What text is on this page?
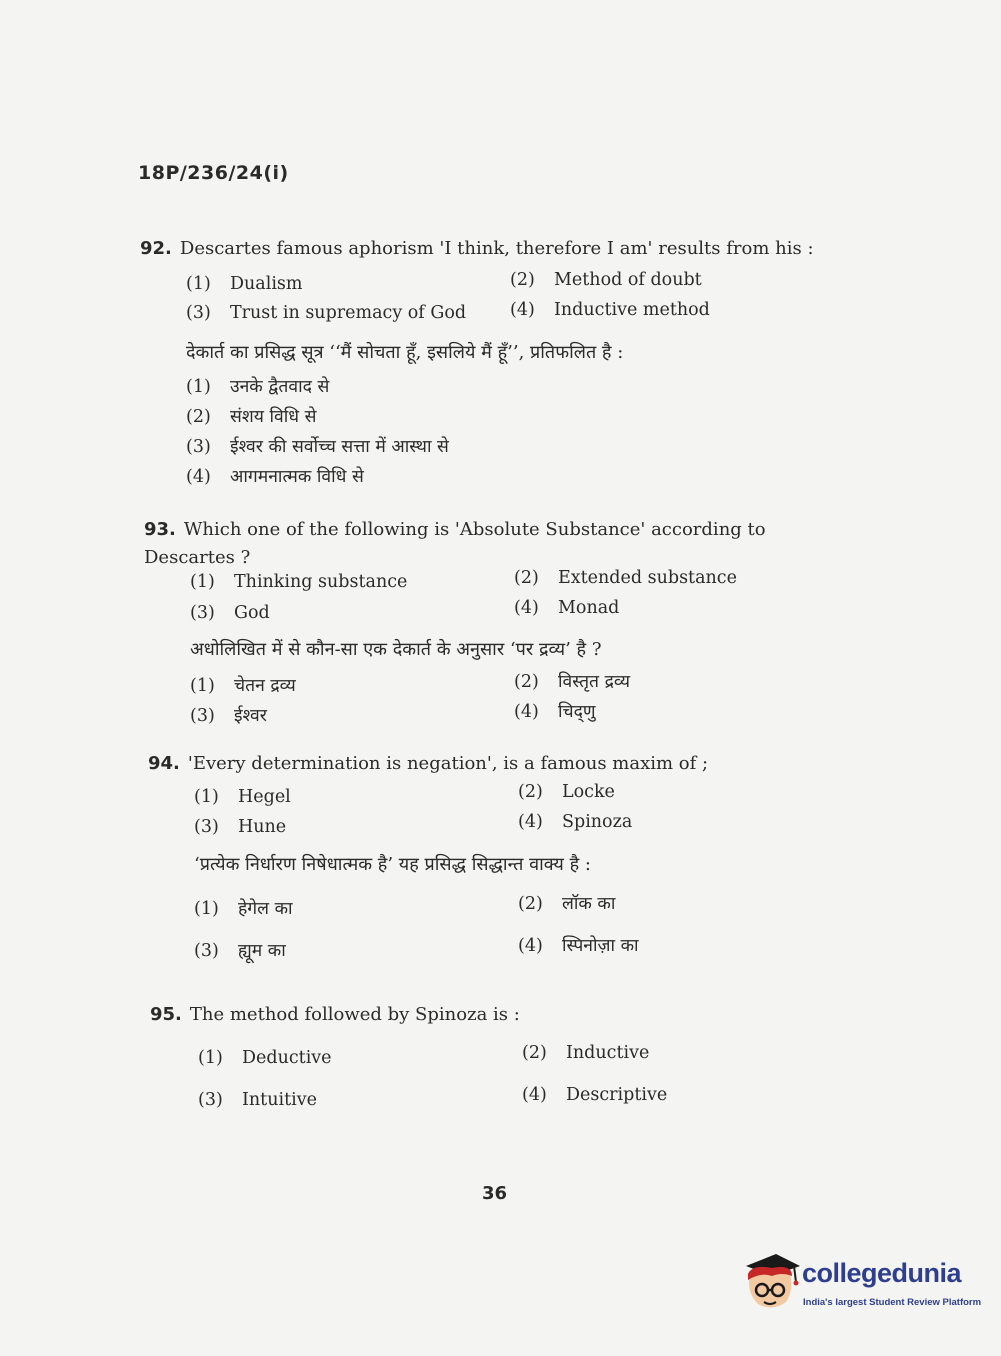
18P/236/24(i)
92. Descartes famous aphorism 'I think, therefore I am' results from his :
(1) Dualism	(2) Method of doubt
(3) Trust in supremacy of God	(4) Inductive method
देकार्त का प्रसिद्ध सूत्र ‘‘मैं सोचता हूँ, इसलिये मैं हूँ’’, प्रतिफलित है :
(1) उनके द्वैतवाद से
(2) संशय विधि से
(3) ईश्वर की सर्वोच्च सत्ता में आस्था से
(4) आगमनात्मक विधि से
93. Which one of the following is 'Absolute Substance' according to Descartes ?
(1) Thinking substance	(2) Extended substance
(3) God	(4) Monad
अधोलिखित में से कौन-सा एक देकार्त के अनुसार ‘पर द्रव्य’ है ?
(1) चेतन द्रव्य	(2) विस्तृत द्रव्य
(3) ईश्वर	(4) चिद्णु
94. 'Every determination is negation', is a famous maxim of ;
(1) Hegel	(2) Locke
(3) Hune	(4) Spinoza
‘प्रत्येक निर्धारण निषेधात्मक है’ यह प्रसिद्ध सिद्धान्त वाक्य है :
(1) हेगेल का	(2) लॉक का
(3) ह्यूम का	(4) स्पिनोज़ा का
95. The method followed by Spinoza is :
(1) Deductive	(2) Inductive
(3) Intuitive	(4) Descriptive
36
collegedunia
India's largest Student Review Platform
